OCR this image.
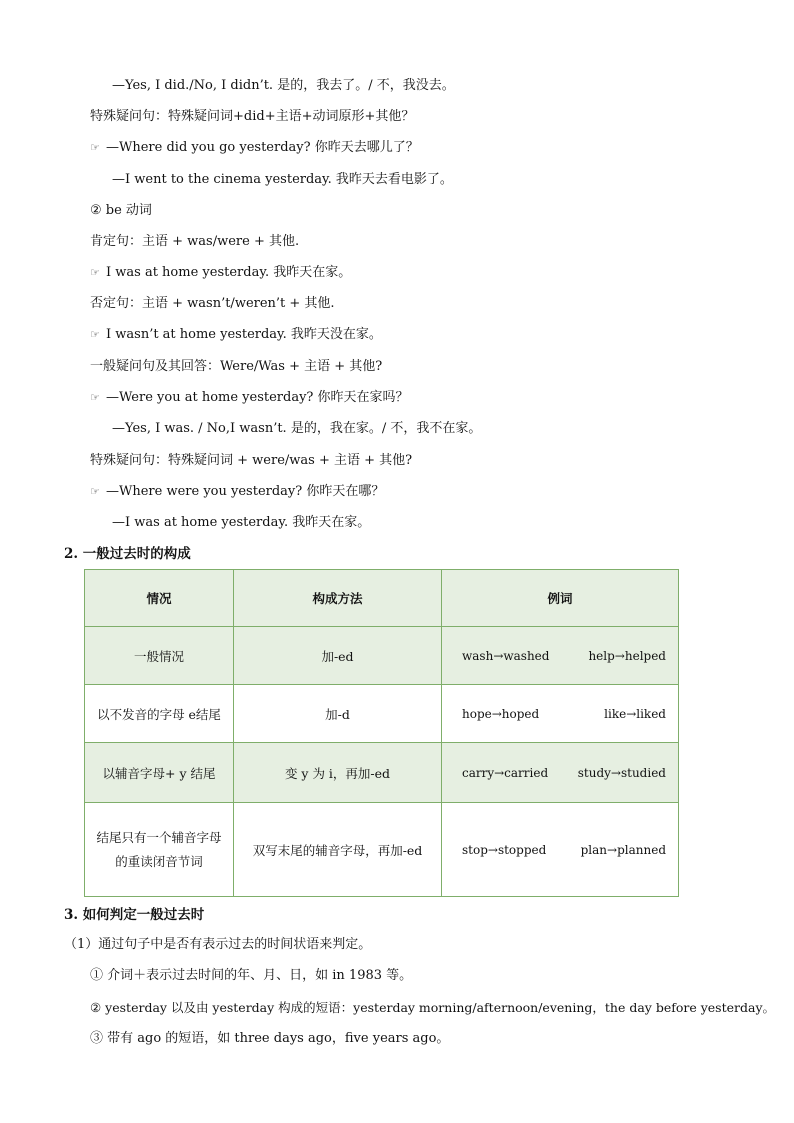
—Yes, I did./No, I didn’t. 是的，我去了。/ 不，我没去。
特殊疑问句：特殊疑问词+did+主语+动词原形+其他？
☞ —Where did you go yesterday? 你昨天去哪儿了？
—I went to the cinema yesterday. 我昨天去看电影了。
② be 动词
肯定句：主语 + was/were + 其他.
☞ I was at home yesterday. 我昨天在家。
否定句：主语 + wasn’t/weren’t + 其他.
☞ I wasn’t at home yesterday. 我昨天没在家。
一般疑问句及其回答：Were/Was + 主语 + 其他?
☞ —Were you at home yesterday? 你昨天在家吗？
—Yes, I was. / No,I wasn’t. 是的，我在家。/ 不，我不在家。
特殊疑问句：特殊疑问词 + were/was + 主语 + 其他?
☞ —Where were you yesterday? 你昨天在哪？
—I was at home yesterday. 我昨天在家。
2. 一般过去时的构成
情况	构成方法	例词
一般情况	加-ed	wash→washed help→helped

以不发音的字母 e结尾	加-d	hope→hoped like→liked

以辅音字母+ y 结尾	变 y 为 i，再加-ed	carry→carried study→studied

结尾只有一个辅音字母的重读闭音节词	双写末尾的辅音字母，再加-ed	stop→stopped plan→planned
3. 如何判定一般过去时
（1）通过句子中是否有表示过去的时间状语来判定。
① 介词＋表示过去时间的年、月、日，如 in 1983 等。
② yesterday 以及由 yesterday 构成的短语：yesterday morning/afternoon/evening，the day before yesterday。
③ 带有 ago 的短语，如 three days ago，five years ago。
